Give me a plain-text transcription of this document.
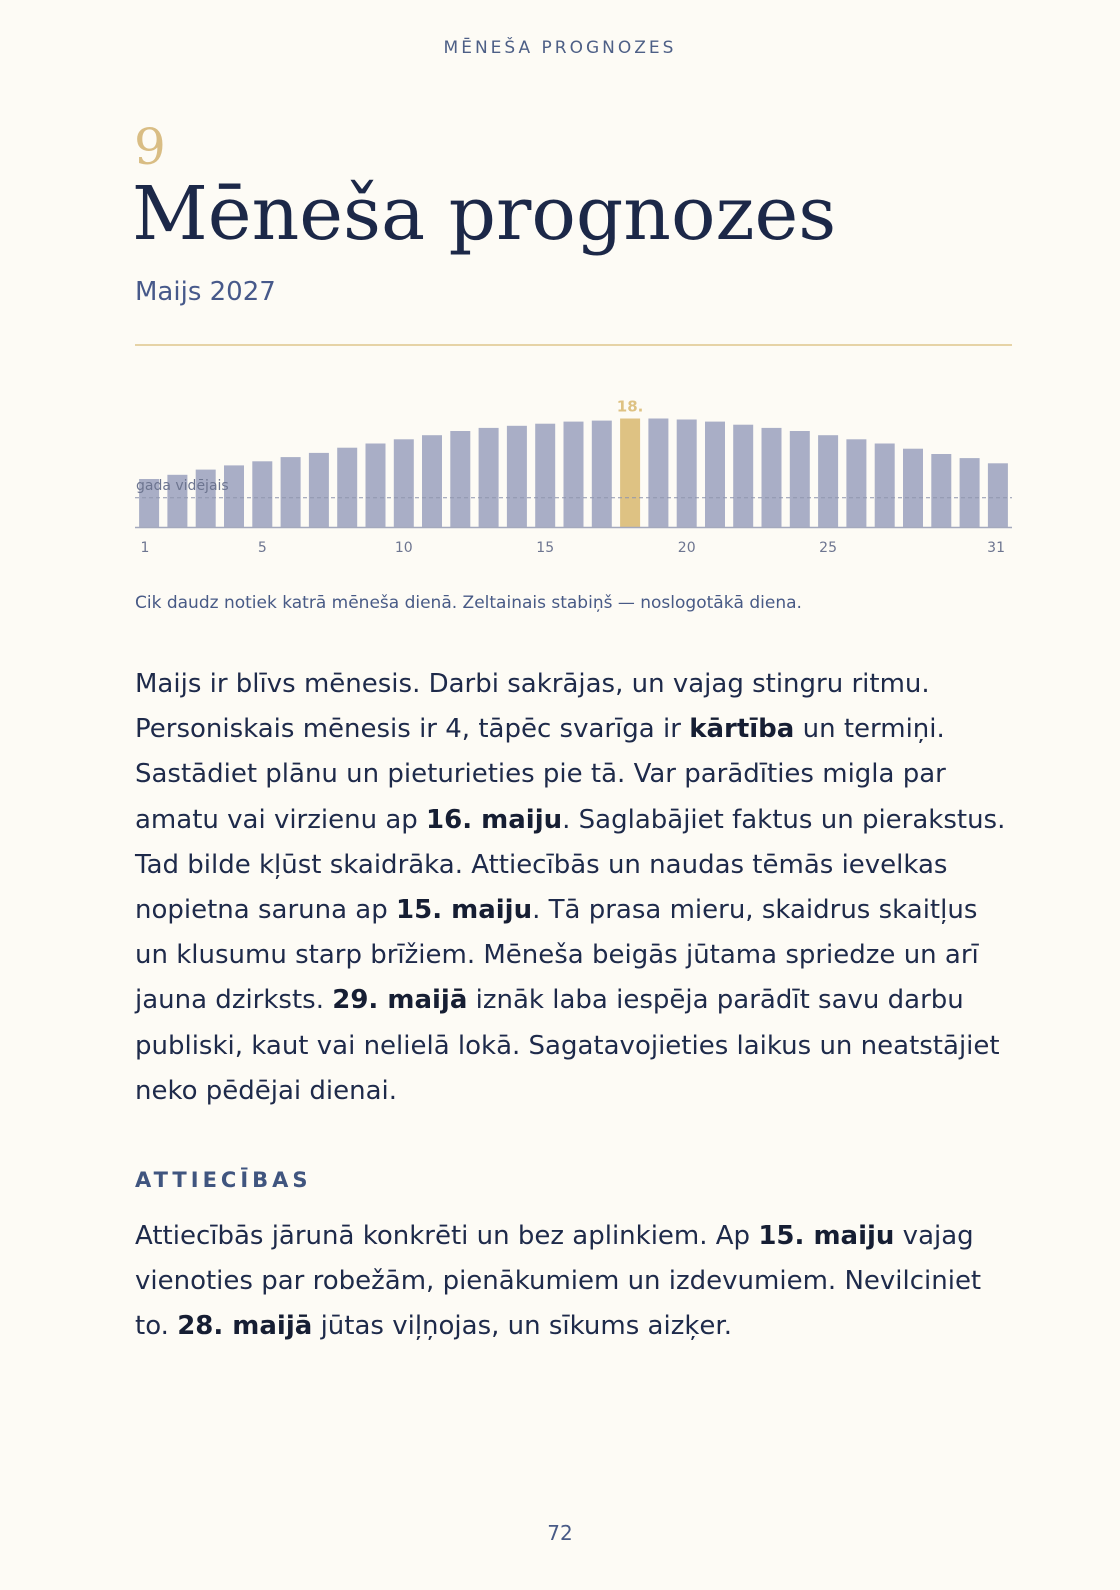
MĒNEŠA PROGNOZES
9
Mēneša prognozes
Maijs 2027
18.
gada vidējais
1	5	10	15	20	25	31
Cik daudz notiek katrā mēneša dienā. Zeltainais stabiņš — noslogotākā diena.

Maijs ir blīvs mēnesis. Darbi sakrājas, un vajag stingru ritmu. Personiskais mēnesis ir 4, tāpēc svarīga ir kārtība un termiņi. Sastādiet plānu un pieturieties pie tā. Var parādīties migla par amatu vai virzienu ap 16. maiju. Saglabājiet faktus un pierakstus. Tad bilde kļūst skaidrāka. Attiecībās un naudas tēmās ievelkas nopietna saruna ap 15. maiju. Tā prasa mieru, skaidrus skaitļus un klusumu starp brīžiem. Mēneša beigās jūtama spriedze un arī jauna dzirksts. 29. maijā iznāk laba iespēja parādīt savu darbu publiski, kaut vai nelielā lokā. Sagatavojieties laikus un neatstājiet neko pēdējai dienai.

ATTIECĪBAS

Attiecībās jārunā konkrēti un bez aplinkiem. Ap 15. maiju vajag vienoties par robežām, pienākumiem un izdevumiem. Nevilciniet to. 28. maijā jūtas viļņojas, un sīkums aizķer.

72
